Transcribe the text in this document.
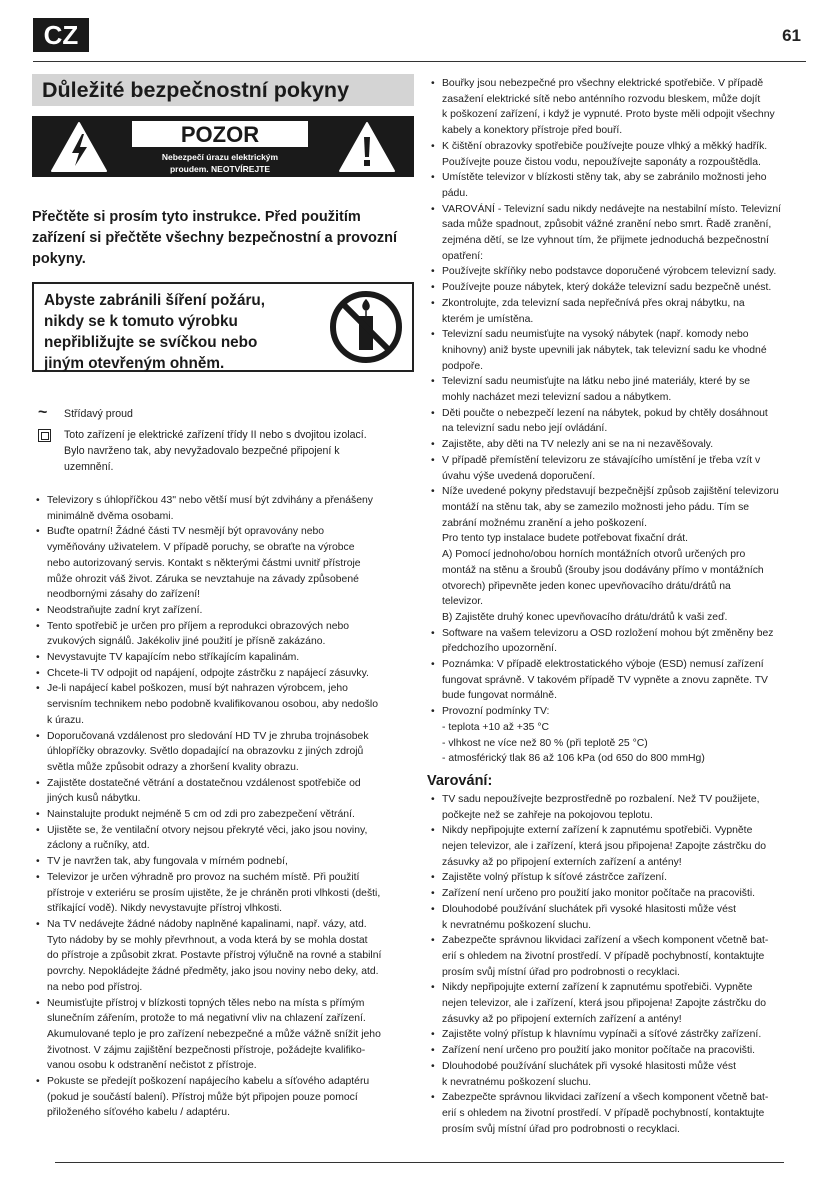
CZ	61
Důležité bezpečnostní pokyny
POZOR
Nebezpečí úrazu elektrickým
proudem. NEOTVÍREJTE
Přečtěte si prosím tyto instrukce. Před použitím zařízení si přečtěte všechny bezpečnostní a provozní pokyny.
Abyste zabránili šíření požáru,
nikdy se k tomuto výrobku
nepřibližujte se svíčkou nebo
jiným otevřeným ohněm.
~	Střídavý proud
Toto zařízení je elektrické zařízení třídy II nebo s dvojitou izolací.
Bylo navrženo tak, aby nevyžadovalo bezpečné připojení k
uzemnění.
• Televizory s úhlopříčkou 43" nebo větší musí být zdvihány a přenášeny
minimálně dvěma osobami.
• Buďte opatrní! Žádné části TV nesmějí být opravovány nebo
vyměňovány uživatelem. V případě poruchy, se obraťte na výrobce
nebo autorizovaný servis. Kontakt s některými částmi uvnitř přístroje
může ohrozit váš život. Záruka se nevztahuje na závady způsobené
neodbornými zásahy do zařízení!
• Neodstraňujte zadní kryt zařízení.
• Tento spotřebič je určen pro příjem a reprodukci obrazových nebo
zvukových signálů. Jakékoliv jiné použití je přísně zakázáno.
• Nevystavujte TV kapajícím nebo stříkajícím kapalinám.
• Chcete-li TV odpojit od napájení, odpojte zástrčku z napájecí zásuvky.
• Je-li napájecí kabel poškozen, musí být nahrazen výrobcem, jeho
servisním technikem nebo podobně kvalifikovanou osobou, aby nedošlo
k úrazu.
• Doporučovaná vzdálenost pro sledování HD TV je zhruba trojnásobek
úhlopříčky obrazovky. Světlo dopadající na obrazovku z jiných zdrojů
světla může způsobit odrazy a zhoršení kvality obrazu.
• Zajistěte dostatečné větrání a dostatečnou vzdálenost spotřebiče od
jiných kusů nábytku.
• Nainstalujte produkt nejméně 5 cm od zdi pro zabezpečení větrání.
• Ujistěte se, že ventilační otvory nejsou překryté věci, jako jsou noviny,
záclony a ručníky, atd.
• TV je navržen tak, aby fungovala v mírném podnebí,
• Televizor je určen výhradně pro provoz na suchém místě. Při použití
přístroje v exteriéru se prosím ujistěte, že je chráněn proti vlhkosti (dešti,
stříkající vodě). Nikdy nevystavujte přístroj vlhkosti.
• Na TV nedávejte žádné nádoby naplněné kapalinami, např. vázy, atd.
Tyto nádoby by se mohly převrhnout, a voda která by se mohla dostat
do přístroje a způsobit zkrat. Postavte přístroj výlučně na rovné a stabilní
povrchy. Nepokládejte žádné předměty, jako jsou noviny nebo deky, atd.
na nebo pod přístroj.
• Neumisťujte přístroj v blízkosti topných těles nebo na místa s přímým
slunečním zářením, protože to má negativní vliv na chlazení zařízení.
Akumulované teplo je pro zařízení nebezpečné a může vážně snížit jeho
životnost. V zájmu zajištění bezpečnosti přístroje, požádejte kvalifiko-
vanou osobu k odstranění nečistot z přístroje.
• Pokuste se předejít poškození napájecího kabelu a síťového adaptéru
(pokud je součástí balení). Přístroj může být připojen pouze pomocí
přiloženého síťového kabelu / adaptéru.
• Bouřky jsou nebezpečné pro všechny elektrické spotřebiče. V případě
zasažení elektrické sítě nebo anténního rozvodu bleskem, může dojít
k poškození zařízení, i když je vypnuté. Proto byste měli odpojit všechny
kabely a konektory přístroje před bouří.
• K čištění obrazovky spotřebiče používejte pouze vlhký a měkký hadřík.
Používejte pouze čistou vodu, nepoužívejte saponáty a rozpouštědla.
• Umístěte televizor v blízkosti stěny tak, aby se zabránilo možnosti jeho
pádu.
• VAROVÁNÍ - Televizní sadu nikdy nedávejte na nestabilní místo. Televizní
sada může spadnout, způsobit vážné zranění nebo smrt. Řadě zranění,
zejména dětí, se lze vyhnout tím, že přijmete jednoduchá bezpečnostní
opatření:
• Používejte skříňky nebo podstavce doporučené výrobcem televizní sady.
• Používejte pouze nábytek, který dokáže televizní sadu bezpečně unést.
• Zkontrolujte, zda televizní sada nepřečnívá přes okraj nábytku, na
kterém je umístěna.
• Televizní sadu neumisťujte na vysoký nábytek (např. komody nebo
knihovny) aniž byste upevnili jak nábytek, tak televizní sadu ke vhodné
podpoře.
• Televizní sadu neumisťujte na látku nebo jiné materiály, které by se
mohly nacházet mezi televizní sadou a nábytkem.
• Děti poučte o nebezpečí lezení na nábytek, pokud by chtěly dosáhnout
na televizní sadu nebo její ovládání.
• Zajistěte, aby děti na TV nelezly ani se na ni nezavěšovaly.
• V případě přemístění televizoru ze stávajícího umístění je třeba vzít v
úvahu výše uvedená doporučení.
• Níže uvedené pokyny představují bezpečnější způsob zajištění televizoru
montáží na stěnu tak, aby se zamezilo možnosti jeho pádu. Tím se
zabrání možnému zranění a jeho poškození.
Pro tento typ instalace budete potřebovat fixační drát.
A) Pomocí jednoho/obou horních montážních otvorů určených pro
montáž na stěnu a šroubů (šrouby jsou dodávány přímo v montážních
otvorech) připevněte jeden konec upevňovacího drátu/drátů na
televizor.
B) Zajistěte druhý konec upevňovacího drátu/drátů k vaši zeď.
• Software na vašem televizoru a OSD rozložení mohou být změněny bez
předchozího upozornění.
• Poznámka: V případě elektrostatického výboje (ESD) nemusí zařízení
fungovat správně. V takovém případě TV vypněte a znovu zapněte. TV
bude fungovat normálně.
• Provozní podmínky TV:
- teplota +10 až +35 °C
- vlhkost ne více než 80 % (při teplotě 25 °C)
- atmosférický tlak 86 až 106 kPa (od 650 do 800 mmHg)
Varování:
• TV sadu nepoužívejte bezprostředně po rozbalení. Než TV použijete,
počkejte než se zahřeje na pokojovou teplotu.
• Nikdy nepřipojujte externí zařízení k zapnutému spotřebiči. Vypněte
nejen televizor, ale i zařízení, která jsou připojena! Zapojte zástrčku do
zásuvky až po připojení externích zařízení a antény!
• Zajistěte volný přístup k síťové zástrčce zařízení.
• Zařízení není určeno pro použití jako monitor počítače na pracovišti.
• Dlouhodobé používání sluchátek při vysoké hlasitosti může vést
k nevratnému poškození sluchu.
• Zabezpečte správnou likvidaci zařízení a všech komponent včetně bat-
erií s ohledem na životní prostředí. V případě pochybností, kontaktujte
prosím svůj místní úřad pro podrobnosti o recyklaci.
• Nikdy nepřipojujte externí zařízení k zapnutému spotřebiči. Vypněte
nejen televizor, ale i zařízení, která jsou připojena! Zapojte zástrčku do
zásuvky až po připojení externích zařízení a antény!
• Zajistěte volný přístup k hlavnímu vypínači a síťové zástrčky zařízení.
• Zařízení není určeno pro použití jako monitor počítače na pracovišti.
• Dlouhodobé používání sluchátek při vysoké hlasitosti může vést
k nevratnému poškození sluchu.
• Zabezpečte správnou likvidaci zařízení a všech komponent včetně bat-
erií s ohledem na životní prostředí. V případě pochybností, kontaktujte
prosím svůj místní úřad pro podrobnosti o recyklaci.
